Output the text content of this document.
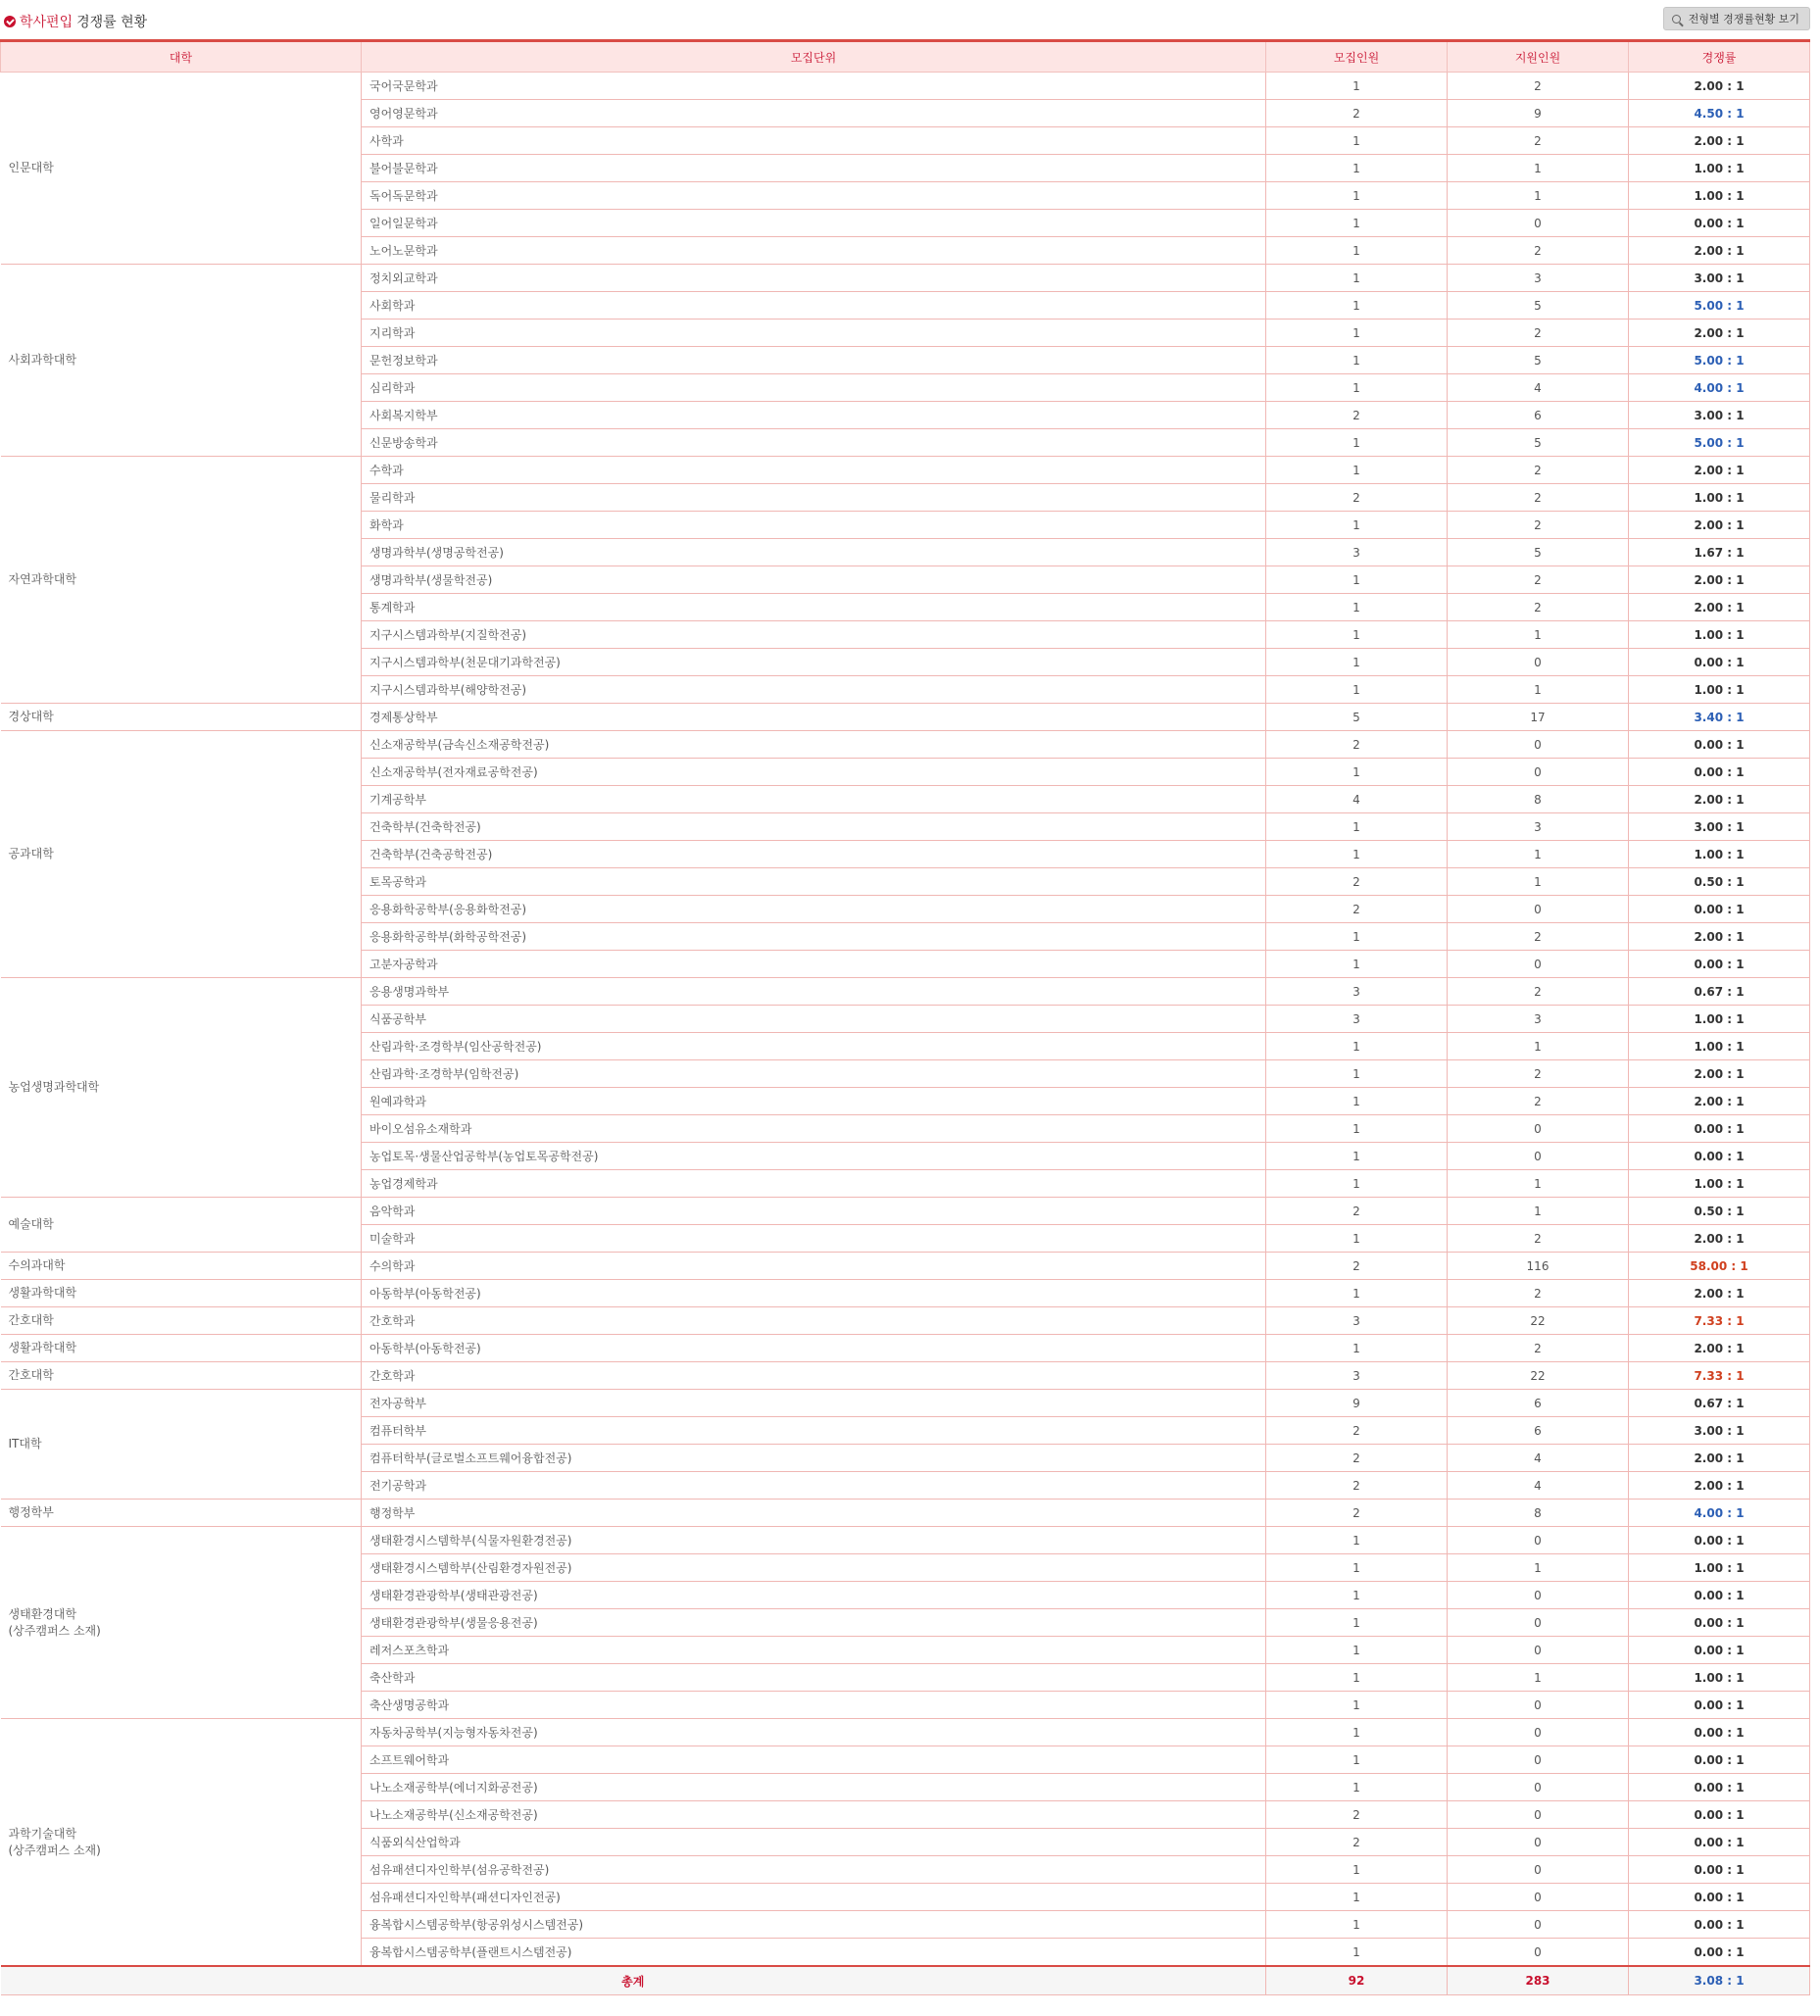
학사편입 경쟁률 현황	전형별 경쟁률현황 보기
대학	모집단위	모집인원	지원인원	경쟁률
인문대학	국어국문학과	1	2	2.00 : 1
	영어영문학과	2	9	4.50 : 1
	사학과	1	2	2.00 : 1
	불어불문학과	1	1	1.00 : 1
	독어독문학과	1	1	1.00 : 1
	일어일문학과	1	0	0.00 : 1
	노어노문학과	1	2	2.00 : 1
사회과학대학	정치외교학과	1	3	3.00 : 1
	사회학과	1	5	5.00 : 1
	지리학과	1	2	2.00 : 1
	문헌정보학과	1	5	5.00 : 1
	심리학과	1	4	4.00 : 1
	사회복지학부	2	6	3.00 : 1
	신문방송학과	1	5	5.00 : 1
자연과학대학	수학과	1	2	2.00 : 1
	물리학과	2	2	1.00 : 1
	화학과	1	2	2.00 : 1
	생명과학부(생명공학전공)	3	5	1.67 : 1
	생명과학부(생물학전공)	1	2	2.00 : 1
	통계학과	1	2	2.00 : 1
	지구시스템과학부(지질학전공)	1	1	1.00 : 1
	지구시스템과학부(천문대기과학전공)	1	0	0.00 : 1
	지구시스템과학부(해양학전공)	1	1	1.00 : 1
경상대학	경제통상학부	5	17	3.40 : 1
공과대학	신소재공학부(금속신소재공학전공)	2	0	0.00 : 1
	신소재공학부(전자재료공학전공)	1	0	0.00 : 1
	기계공학부	4	8	2.00 : 1
	건축학부(건축학전공)	1	3	3.00 : 1
	건축학부(건축공학전공)	1	1	1.00 : 1
	토목공학과	2	1	0.50 : 1
	응용화학공학부(응용화학전공)	2	0	0.00 : 1
	응용화학공학부(화학공학전공)	1	2	2.00 : 1
	고분자공학과	1	0	0.00 : 1
농업생명과학대학	응용생명과학부	3	2	0.67 : 1
	식품공학부	3	3	1.00 : 1
	산림과학·조경학부(임산공학전공)	1	1	1.00 : 1
	산림과학·조경학부(임학전공)	1	2	2.00 : 1
	원예과학과	1	2	2.00 : 1
	바이오섬유소재학과	1	0	0.00 : 1
	농업토목·생물산업공학부(농업토목공학전공)	1	0	0.00 : 1
	농업경제학과	1	1	1.00 : 1
예술대학	음악학과	2	1	0.50 : 1
	미술학과	1	2	2.00 : 1
수의과대학	수의학과	2	116	58.00 : 1
생활과학대학	아동학부(아동학전공)	1	2	2.00 : 1
간호대학	간호학과	3	22	7.33 : 1
생활과학대학	아동학부(아동학전공)	1	2	2.00 : 1
간호대학	간호학과	3	22	7.33 : 1
IT대학	전자공학부	9	6	0.67 : 1
	컴퓨터학부	2	6	3.00 : 1
	컴퓨터학부(글로벌소프트웨어융합전공)	2	4	2.00 : 1
	전기공학과	2	4	2.00 : 1
행정학부	행정학부	2	8	4.00 : 1
생태환경대학
(상주캠퍼스 소재)	생태환경시스템학부(식물자원환경전공)	1	0	0.00 : 1
	생태환경시스템학부(산림환경자원전공)	1	1	1.00 : 1
	생태환경관광학부(생태관광전공)	1	0	0.00 : 1
	생태환경관광학부(생물응용전공)	1	0	0.00 : 1
	레저스포츠학과	1	0	0.00 : 1
	축산학과	1	1	1.00 : 1
	축산생명공학과	1	0	0.00 : 1
과학기술대학
(상주캠퍼스 소재)	자동차공학부(지능형자동차전공)	1	0	0.00 : 1
	소프트웨어학과	1	0	0.00 : 1
	나노소재공학부(에너지화공전공)	1	0	0.00 : 1
	나노소재공학부(신소재공학전공)	2	0	0.00 : 1
	식품외식산업학과	2	0	0.00 : 1
	섬유패션디자인학부(섬유공학전공)	1	0	0.00 : 1
	섬유패션디자인학부(패션디자인전공)	1	0	0.00 : 1
	융복합시스템공학부(항공위성시스템전공)	1	0	0.00 : 1
	융복합시스템공학부(플랜트시스템전공)	1	0	0.00 : 1
총계		92	283	3.08 : 1
